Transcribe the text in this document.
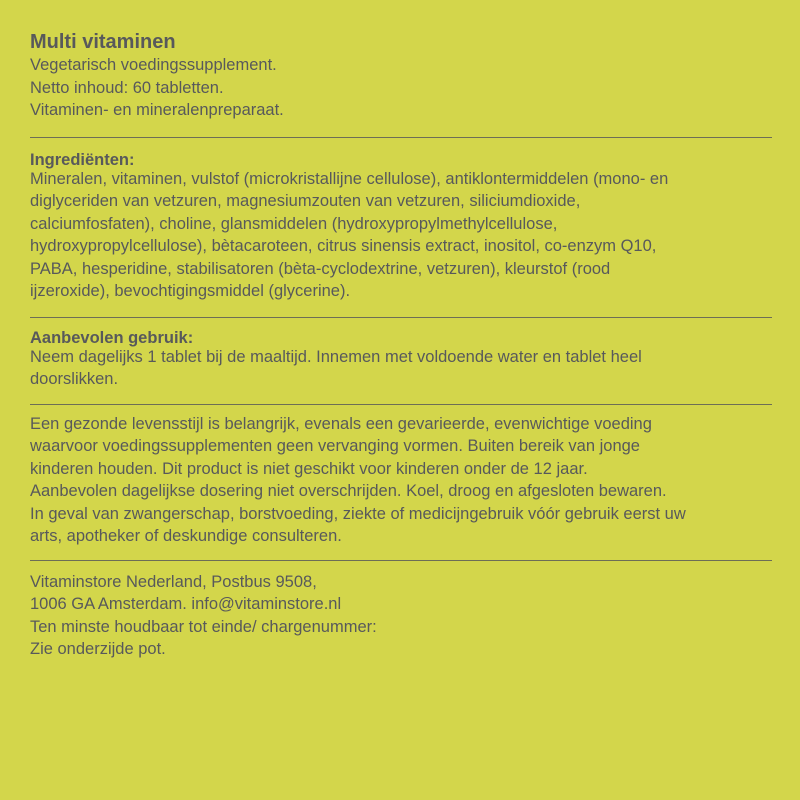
Multi vitaminen
Vegetarisch voedingssupplement.
Netto inhoud: 60 tabletten.
Vitaminen- en mineralenpreparaat.
Ingrediënten:
Mineralen, vitaminen, vulstof (microkristallijne cellulose), antiklontermiddelen (mono- en
diglyceriden van vetzuren, magnesiumzouten van vetzuren, siliciumdioxide,
calciumfosfaten), choline, glansmiddelen (hydroxypropylmethylcellulose,
hydroxypropylcellulose), bètacaroteen, citrus sinensis extract, inositol, co-enzym Q10,
PABA, hesperidine, stabilisatoren (bèta-cyclodextrine, vetzuren), kleurstof (rood
ijzeroxide), bevochtigingsmiddel (glycerine).
Aanbevolen gebruik:
Neem dagelijks 1 tablet bij de maaltijd. Innemen met voldoende water en tablet heel
doorslikken.
Een gezonde levensstijl is belangrijk, evenals een gevarieerde, evenwichtige voeding
waarvoor voedingssupplementen geen vervanging vormen. Buiten bereik van jonge
kinderen houden. Dit product is niet geschikt voor kinderen onder de 12 jaar.
Aanbevolen dagelijkse dosering niet overschrijden. Koel, droog en afgesloten bewaren.
In geval van zwangerschap, borstvoeding, ziekte of medicijngebruik vóór gebruik eerst uw
arts, apotheker of deskundige consulteren.
Vitaminstore Nederland, Postbus 9508,
1006 GA Amsterdam. info@vitaminstore.nl
Ten minste houdbaar tot einde/ chargenummer:
Zie onderzijde pot.
